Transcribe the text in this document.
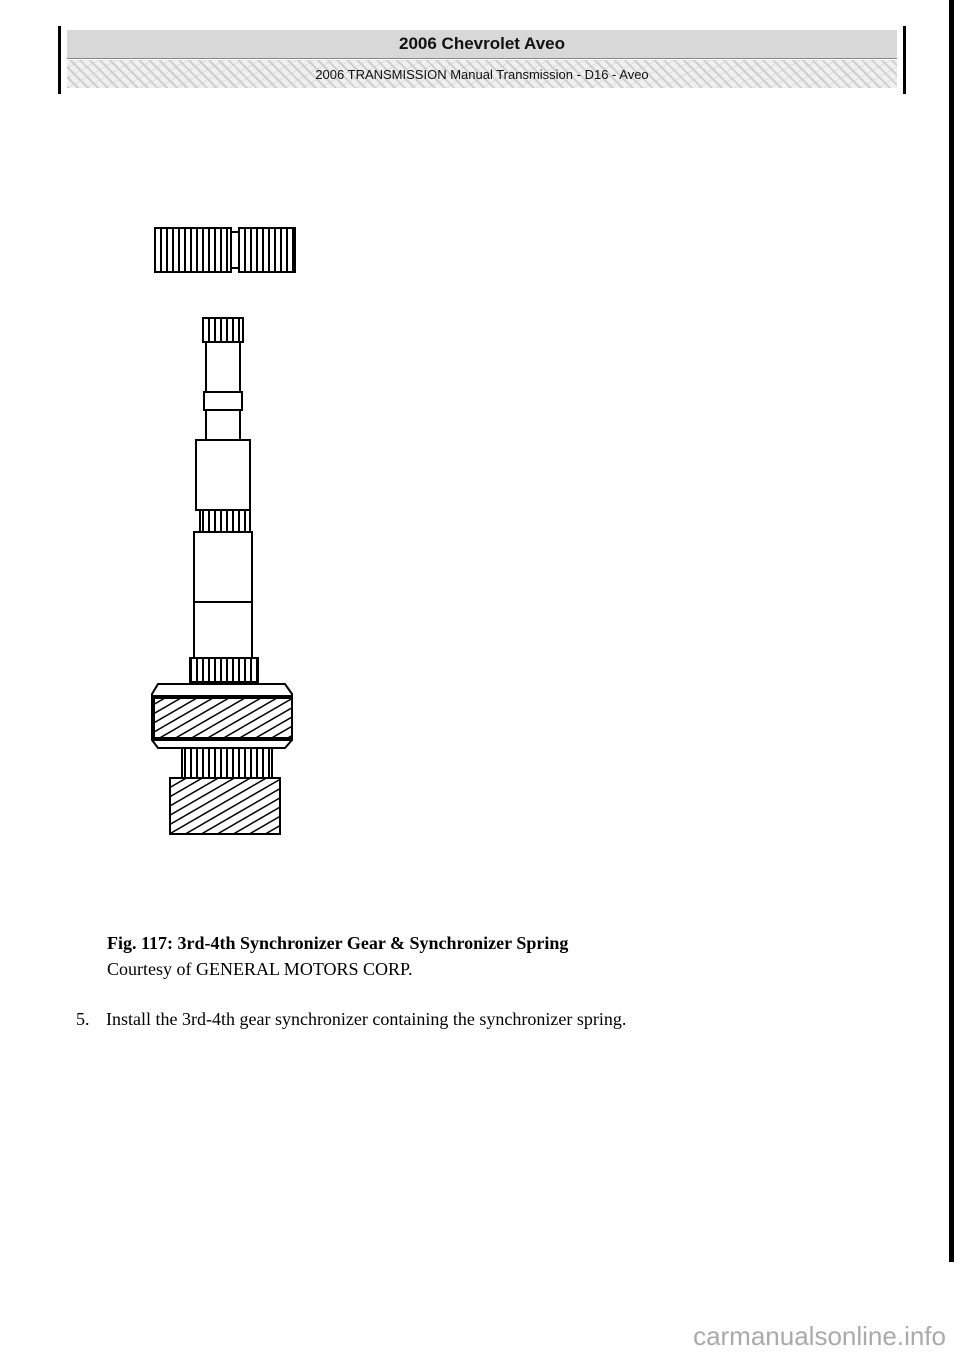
2006 Chevrolet Aveo
2006 TRANSMISSION Manual Transmission - D16 - Aveo
Fig. 117: 3rd-4th Synchronizer Gear & Synchronizer Spring
Courtesy of GENERAL MOTORS CORP.
5. Install the 3rd-4th gear synchronizer containing the synchronizer spring.
carmanualsonline.info
